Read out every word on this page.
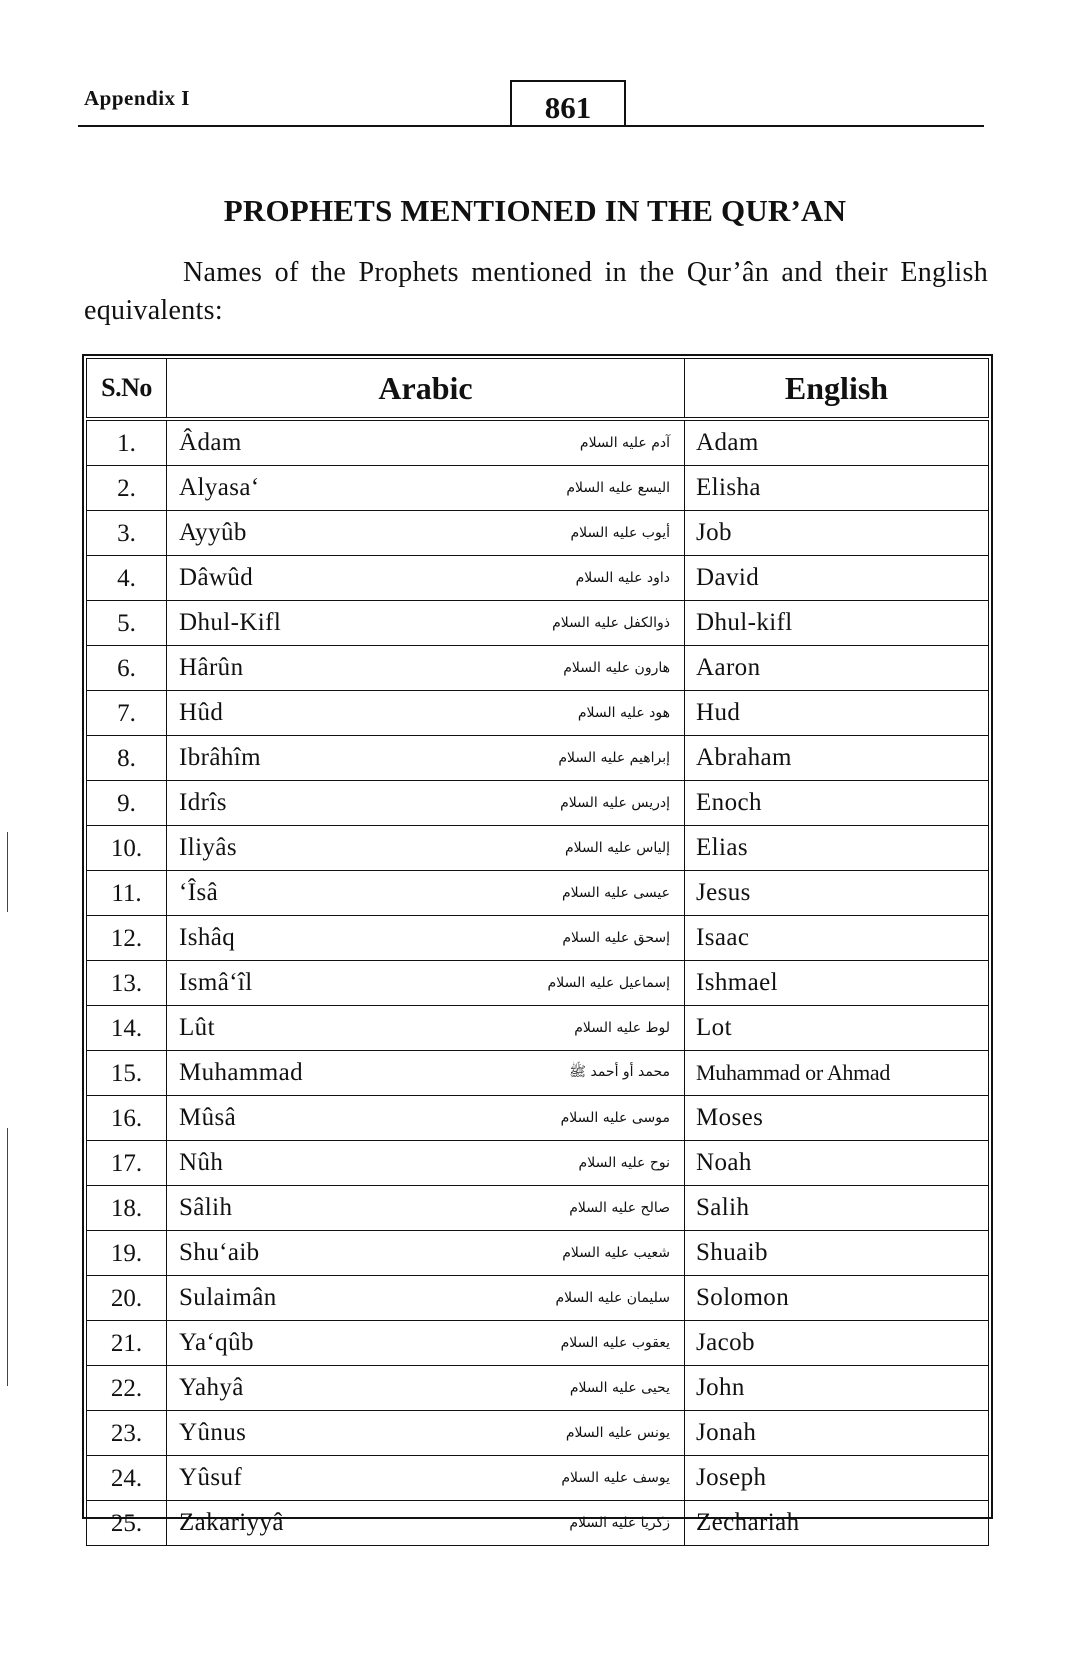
Appendix I	861
PROPHETS MENTIONED IN THE QUR’AN
Names of the Prophets mentioned in the Qur’ân and their English equivalents:
S.No	Arabic	English
1.	Âdam آدم عليه السلام	Adam
2.	Alyasa‘ اليسع عليه السلام	Elisha
3.	Ayyûb أيوب عليه السلام	Job
4.	Dâwûd داود عليه السلام	David
5.	Dhul-Kifl ذوالكفل عليه السلام	Dhul-kifl
6.	Hârûn هارون عليه السلام	Aaron
7.	Hûd هود عليه السلام	Hud
8.	Ibrâhîm إبراهيم عليه السلام	Abraham
9.	Idrîs إدريس عليه السلام	Enoch
10.	Iliyâs إلياس عليه السلام	Elias
11.	‘Îsâ عيسى عليه السلام	Jesus
12.	Ishâq إسحق عليه السلام	Isaac
13.	Ismâ‘îl إسماعيل عليه السلام	Ishmael
14.	Lût لوط عليه السلام	Lot
15.	Muhammad محمد أو أحمد ﷺ	Muhammad or Ahmad
16.	Mûsâ موسى عليه السلام	Moses
17.	Nûh نوح عليه السلام	Noah
18.	Sâlih صالح عليه السلام	Salih
19.	Shu‘aib شعيب عليه السلام	Shuaib
20.	Sulaimân سليمان عليه السلام	Solomon
21.	Ya‘qûb يعقوب عليه السلام	Jacob
22.	Yahyâ يحيى عليه السلام	John
23.	Yûnus يونس عليه السلام	Jonah
24.	Yûsuf يوسف عليه السلام	Joseph
25.	Zakariyyâ زكريا عليه السلام	Zechariah
